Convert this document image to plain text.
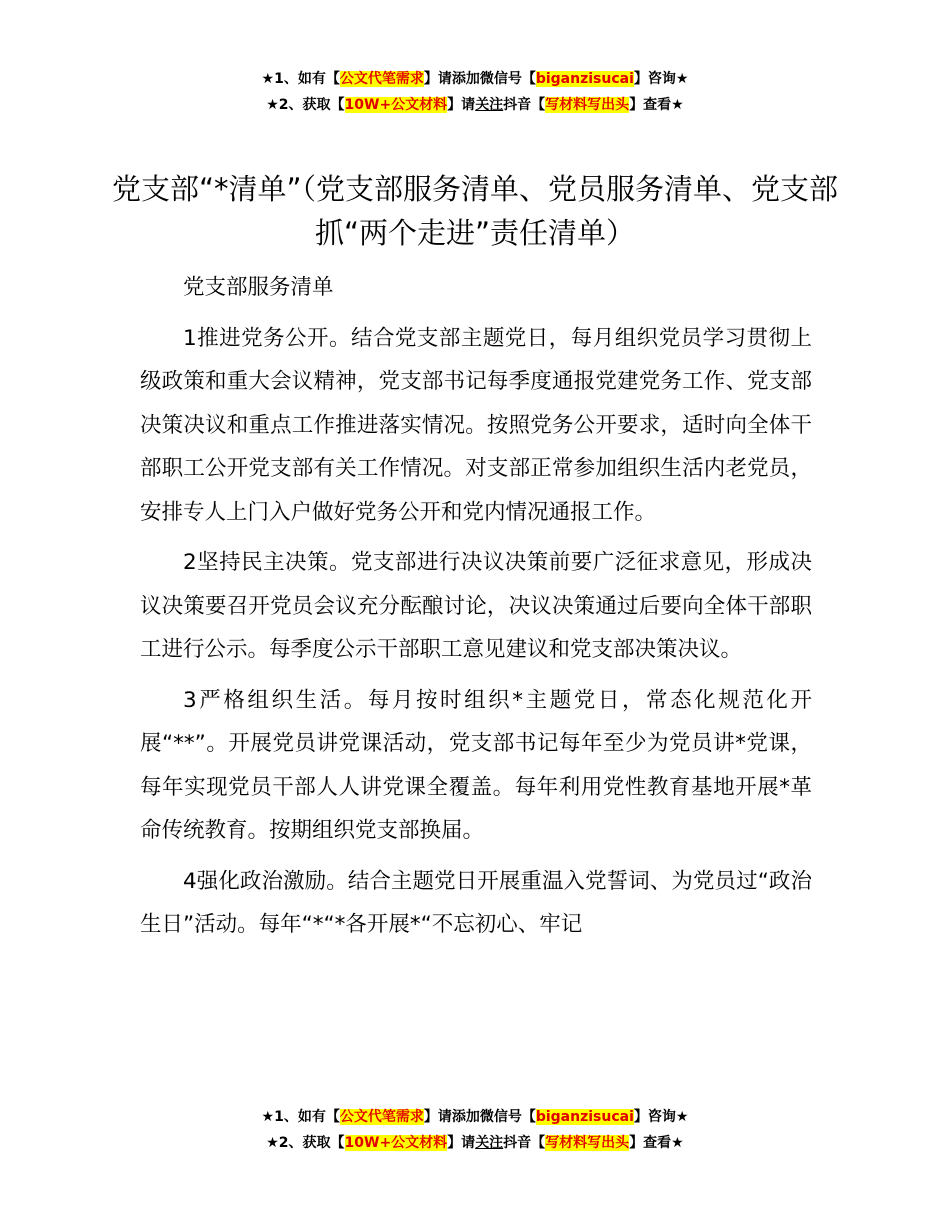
★1、如有【公文代笔需求】请添加微信号【biganzisucai】咨询★
★2、获取【10W+公文材料】请关注抖音【写材料写出头】查看★
党支部“*清单”（党支部服务清单、党员服务清单、党支部抓“两个走进”责任清单）

党支部服务清单

1推进党务公开。结合党支部主题党日，每月组织党员学习贯彻上级政策和重大会议精神，党支部书记每季度通报党建党务工作、党支部决策决议和重点工作推进落实情况。按照党务公开要求，适时向全体干部职工公开党支部有关工作情况。对支部正常参加组织生活内老党员，安排专人上门入户做好党务公开和党内情况通报工作。

2坚持民主决策。党支部进行决议决策前要广泛征求意见，形成决议决策要召开党员会议充分酝酿讨论，决议决策通过后要向全体干部职工进行公示。每季度公示干部职工意见建议和党支部决策决议。

3严格组织生活。每月按时组织*主题党日，常态化规范化开展“**”。开展党员讲党课活动，党支部书记每年至少为党员讲*党课，每年实现党员干部人人讲党课全覆盖。每年利用党性教育基地开展*革命传统教育。按期组织党支部换届。

4强化政治激励。结合主题党日开展重温入党誓词、为党员过“政治生日”活动。每年“*“*各开展*“不忘初心、牢记

★1、如有【公文代笔需求】请添加微信号【biganzisucai】咨询★
★2、获取【10W+公文材料】请关注抖音【写材料写出头】查看★
